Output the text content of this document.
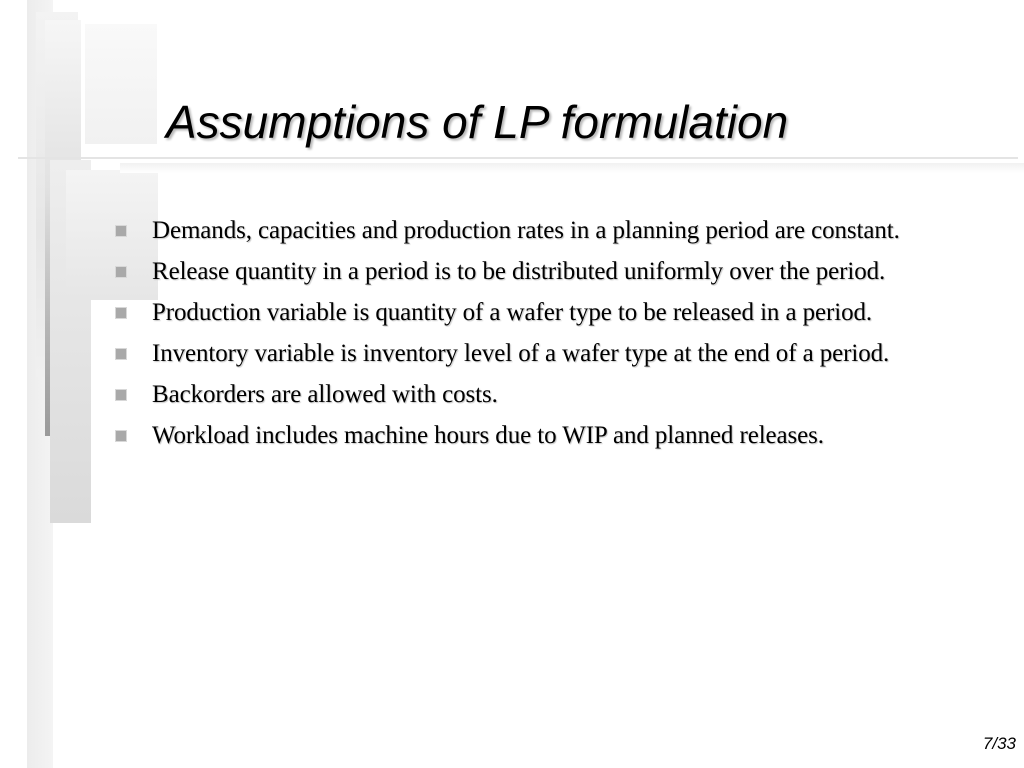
Assumptions of LP formulation
Demands, capacities and production rates in a planning period are constant.
Release quantity in a period is to be distributed uniformly over the period.
Production variable is quantity of a wafer type to be released in a period.
Inventory variable is inventory level of a wafer type at the end of a period.
Backorders are allowed with costs.
Workload includes machine hours due to WIP and planned releases.
7/33
